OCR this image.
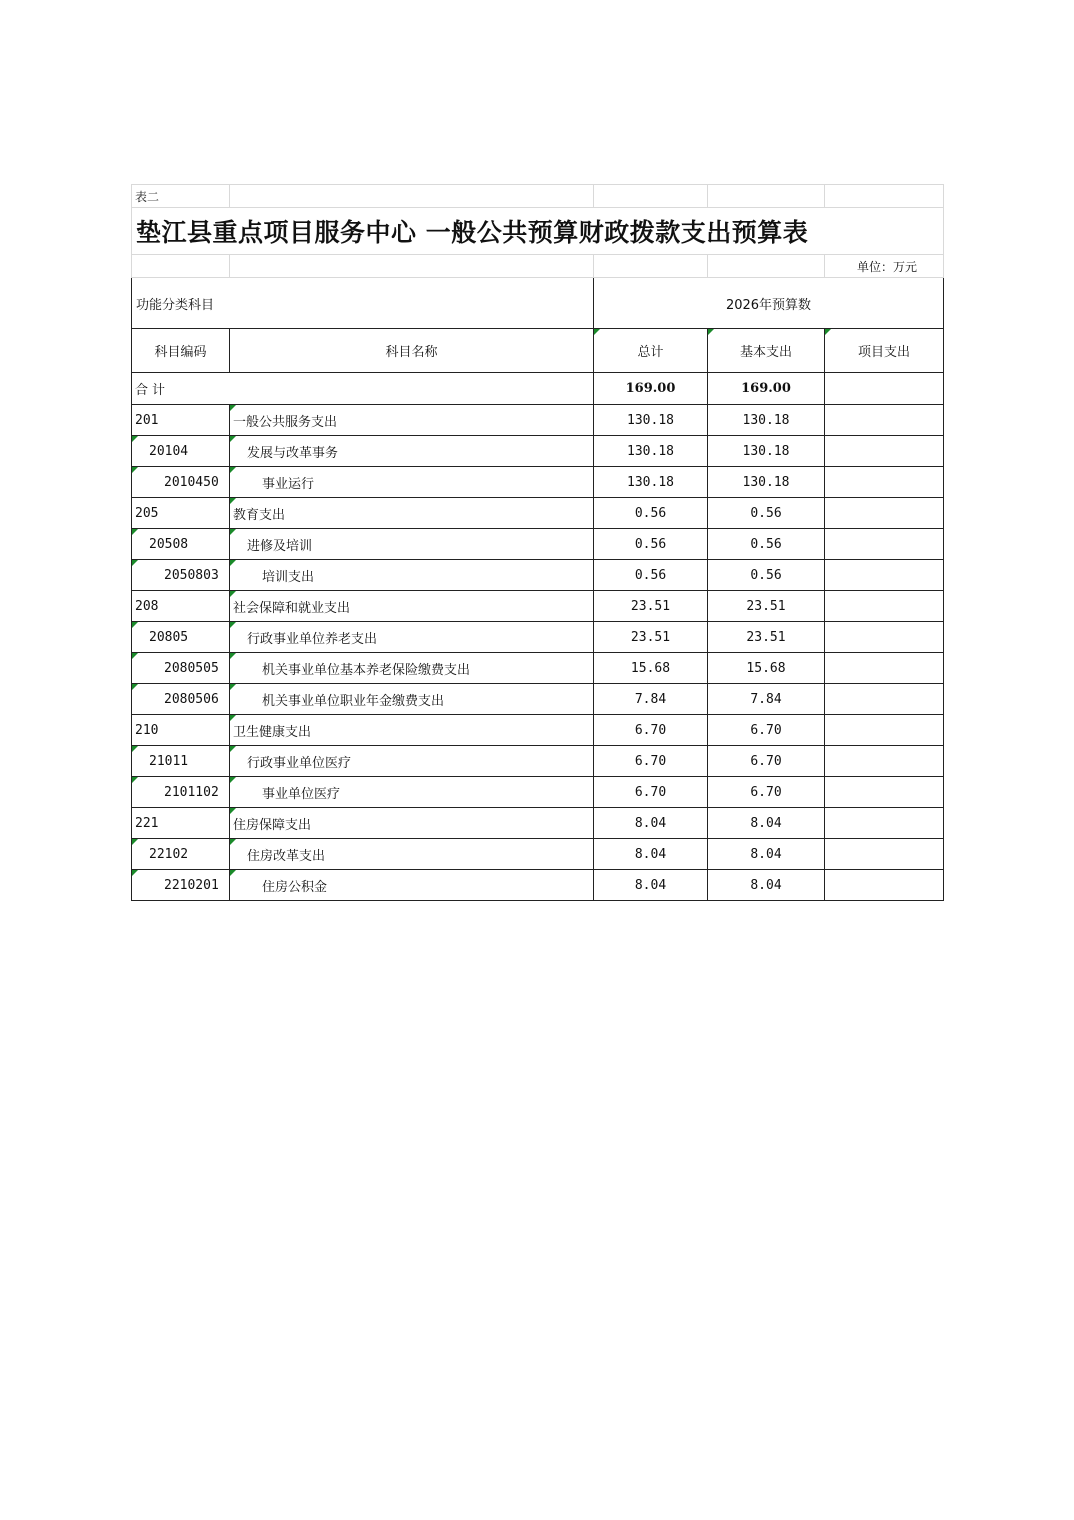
表二				
垫江县重点项目服务中心 一般公共预算财政拨款支出预算表				
				单位：万元
功能分类科目		2026年预算数		
科目编码	科目名称	总计	基本支出	项目支出
合计		169.00	169.00	
201	一般公共服务支出	130.18	130.18	
20104	发展与改革事务	130.18	130.18	
2010450	事业运行	130.18	130.18	
205	教育支出	0.56	0.56	
20508	进修及培训	0.56	0.56	
2050803	培训支出	0.56	0.56	
208	社会保障和就业支出	23.51	23.51	
20805	行政事业单位养老支出	23.51	23.51	
2080505	机关事业单位基本养老保险缴费支出	15.68	15.68	
2080506	机关事业单位职业年金缴费支出	7.84	7.84	
210	卫生健康支出	6.70	6.70	
21011	行政事业单位医疗	6.70	6.70	
2101102	事业单位医疗	6.70	6.70	
221	住房保障支出	8.04	8.04	
22102	住房改革支出	8.04	8.04	
2210201	住房公积金	8.04	8.04	
